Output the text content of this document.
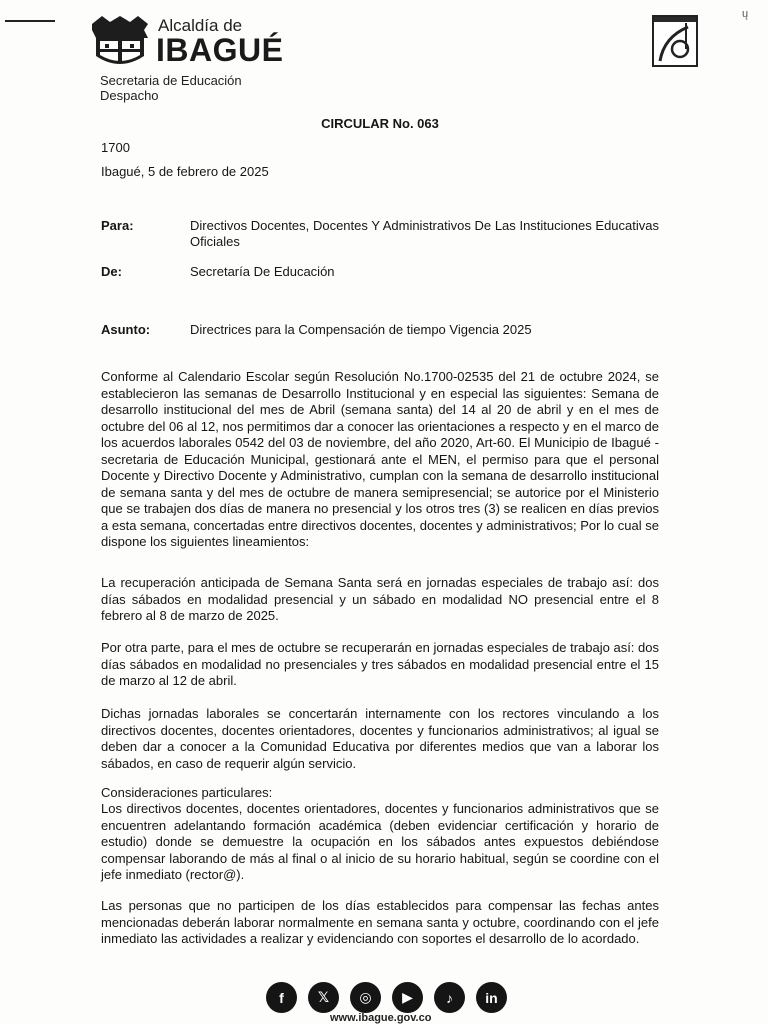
ų
Alcaldía de
IBAGUÉ
Secretaria de Educación
Despacho
CIRCULAR No. 063
1700
Ibagué, 5 de febrero de 2025
Para:	Directivos Docentes, Docentes Y Administrativos De Las Instituciones Educativas Oficiales
De:	Secretaría De Educación
Asunto:	Directrices para la Compensación de tiempo Vigencia 2025
Conforme al Calendario Escolar según Resolución No.1700-02535 del 21 de octubre 2024, se establecieron las semanas de Desarrollo Institucional y en especial las siguientes: Semana de desarrollo institucional del mes de Abril (semana santa) del 14 al 20 de abril y en el mes de octubre del 06 al 12, nos permitimos dar a conocer las orientaciones a respecto y en el marco de los acuerdos laborales 0542 del 03 de noviembre, del año 2020, Art-60. El Municipio de Ibagué - secretaria de Educación Municipal, gestionará ante el MEN, el permiso para que el personal Docente y Directivo Docente y Administrativo, cumplan con la semana de desarrollo institucional de semana santa y del mes de octubre de manera semipresencial; se autorice por el Ministerio que se trabajen dos días de manera no presencial y los otros tres (3) se realicen en días previos a esta semana, concertadas entre directivos docentes, docentes y administrativos; Por lo cual se dispone los siguientes lineamientos:
La recuperación anticipada de Semana Santa será en jornadas especiales de trabajo así: dos días sábados en modalidad presencial y un sábado en modalidad NO presencial entre el 8 febrero al 8 de marzo de 2025.
Por otra parte, para el mes de octubre se recuperarán en jornadas especiales de trabajo así: dos días sábados en modalidad no presenciales y tres sábados en modalidad presencial entre el 15 de marzo al 12 de abril.
Dichas jornadas laborales se concertarán internamente con los rectores vinculando a los directivos docentes, docentes orientadores, docentes y funcionarios administrativos; al igual se deben dar a conocer a la Comunidad Educativa por diferentes medios que van a laborar los sábados, en caso de requerir algún servicio.
Consideraciones particulares:
Los directivos docentes, docentes orientadores, docentes y funcionarios administrativos que se encuentren adelantando formación académica (deben evidenciar certificación y horario de estudio) donde se demuestre la ocupación en los sábados antes expuestos debiéndose compensar laborando de más al final o al inicio de su horario habitual, según se coordine con el jefe inmediato (rector@).
Las personas que no participen de los días establecidos para compensar las fechas antes mencionadas deberán laborar normalmente en semana santa y octubre, coordinando con el jefe inmediato las actividades a realizar y evidenciando con soportes el desarrollo de lo acordado.
f	𝕏	◎	▶	♪	in
www.ibague.gov.co
